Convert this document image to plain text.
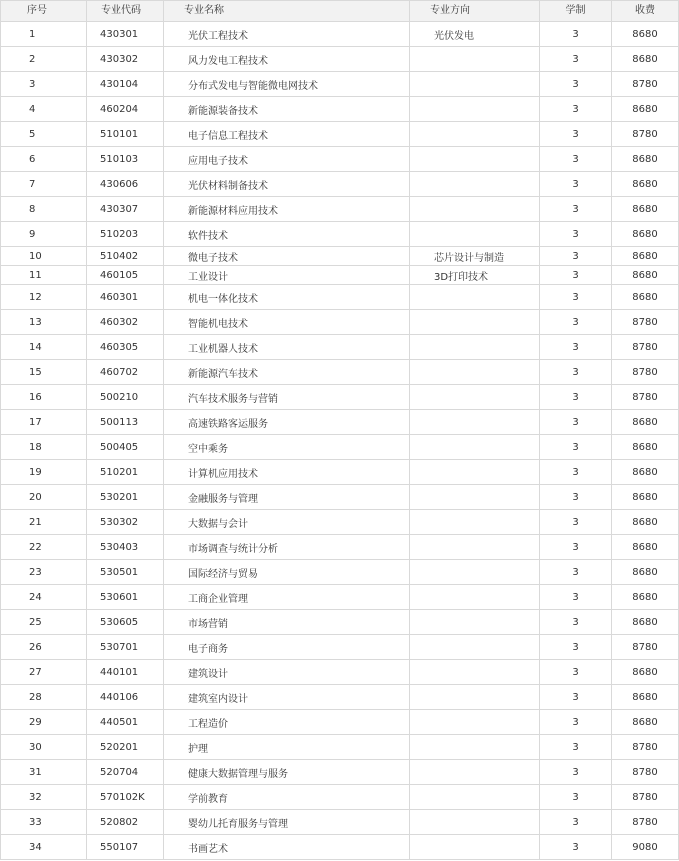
序号	专业代码	专业名称	专业方向	学制	收费
1	430301	光伏工程技术	光伏发电	3	8680
2	430302	风力发电工程技术		3	8680
3	430104	分布式发电与智能微电网技术		3	8780
4	460204	新能源装备技术		3	8680
5	510101	电子信息工程技术		3	8780
6	510103	应用电子技术		3	8680
7	430606	光伏材料制备技术		3	8680
8	430307	新能源材料应用技术		3	8680
9	510203	软件技术		3	8680
10	510402	微电子技术	芯片设计与制造	3	8680
11	460105	工业设计	3D打印技术	3	8680
12	460301	机电一体化技术		3	8680
13	460302	智能机电技术		3	8780
14	460305	工业机器人技术		3	8780
15	460702	新能源汽车技术		3	8780
16	500210	汽车技术服务与营销		3	8780
17	500113	高速铁路客运服务		3	8680
18	500405	空中乘务		3	8680
19	510201	计算机应用技术		3	8680
20	530201	金融服务与管理		3	8680
21	530302	大数据与会计		3	8680
22	530403	市场调查与统计分析		3	8680
23	530501	国际经济与贸易		3	8680
24	530601	工商企业管理		3	8680
25	530605	市场营销		3	8680
26	530701	电子商务		3	8780
27	440101	建筑设计		3	8680
28	440106	建筑室内设计		3	8680
29	440501	工程造价		3	8680
30	520201	护理		3	8780
31	520704	健康大数据管理与服务		3	8780
32	570102K	学前教育		3	8780
33	520802	婴幼儿托育服务与管理		3	8780
34	550107	书画艺术		3	9080
